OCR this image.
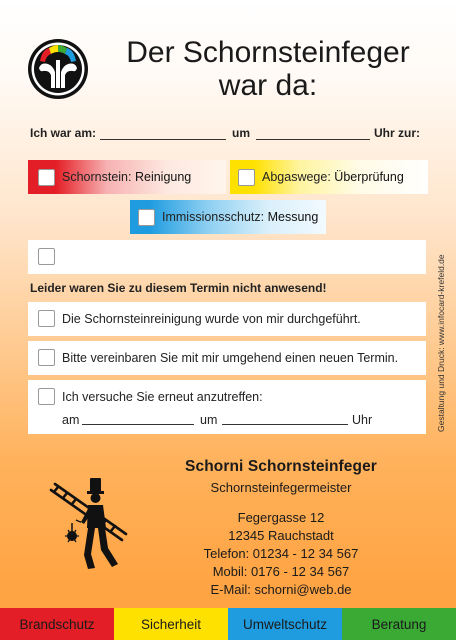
Der Schornsteinfeger
war da:
Ich war am:	um	Uhr zur:
Schornstein: Reinigung	Abgaswege: Überprüfung
Immissionsschutz: Messung
Leider waren Sie zu diesem Termin nicht anwesend!
Die Schornsteinreinigung wurde von mir durchgeführt.
Bitte vereinbaren Sie mit mir umgehend einen neuen Termin.
Ich versuche Sie erneut anzutreffen:
am	um	Uhr	Gestaltung und Druck: www.infocard-krefeld.de
Schorni Schornsteinfeger
Schornsteinfegermeister
Fegergasse 12
12345 Rauchstadt
Telefon: 01234 - 12 34 567
Mobil: 0176 - 12 34 567
E-Mail: schorni@web.de
Brandschutz	Sicherheit	Umweltschutz	Beratung
